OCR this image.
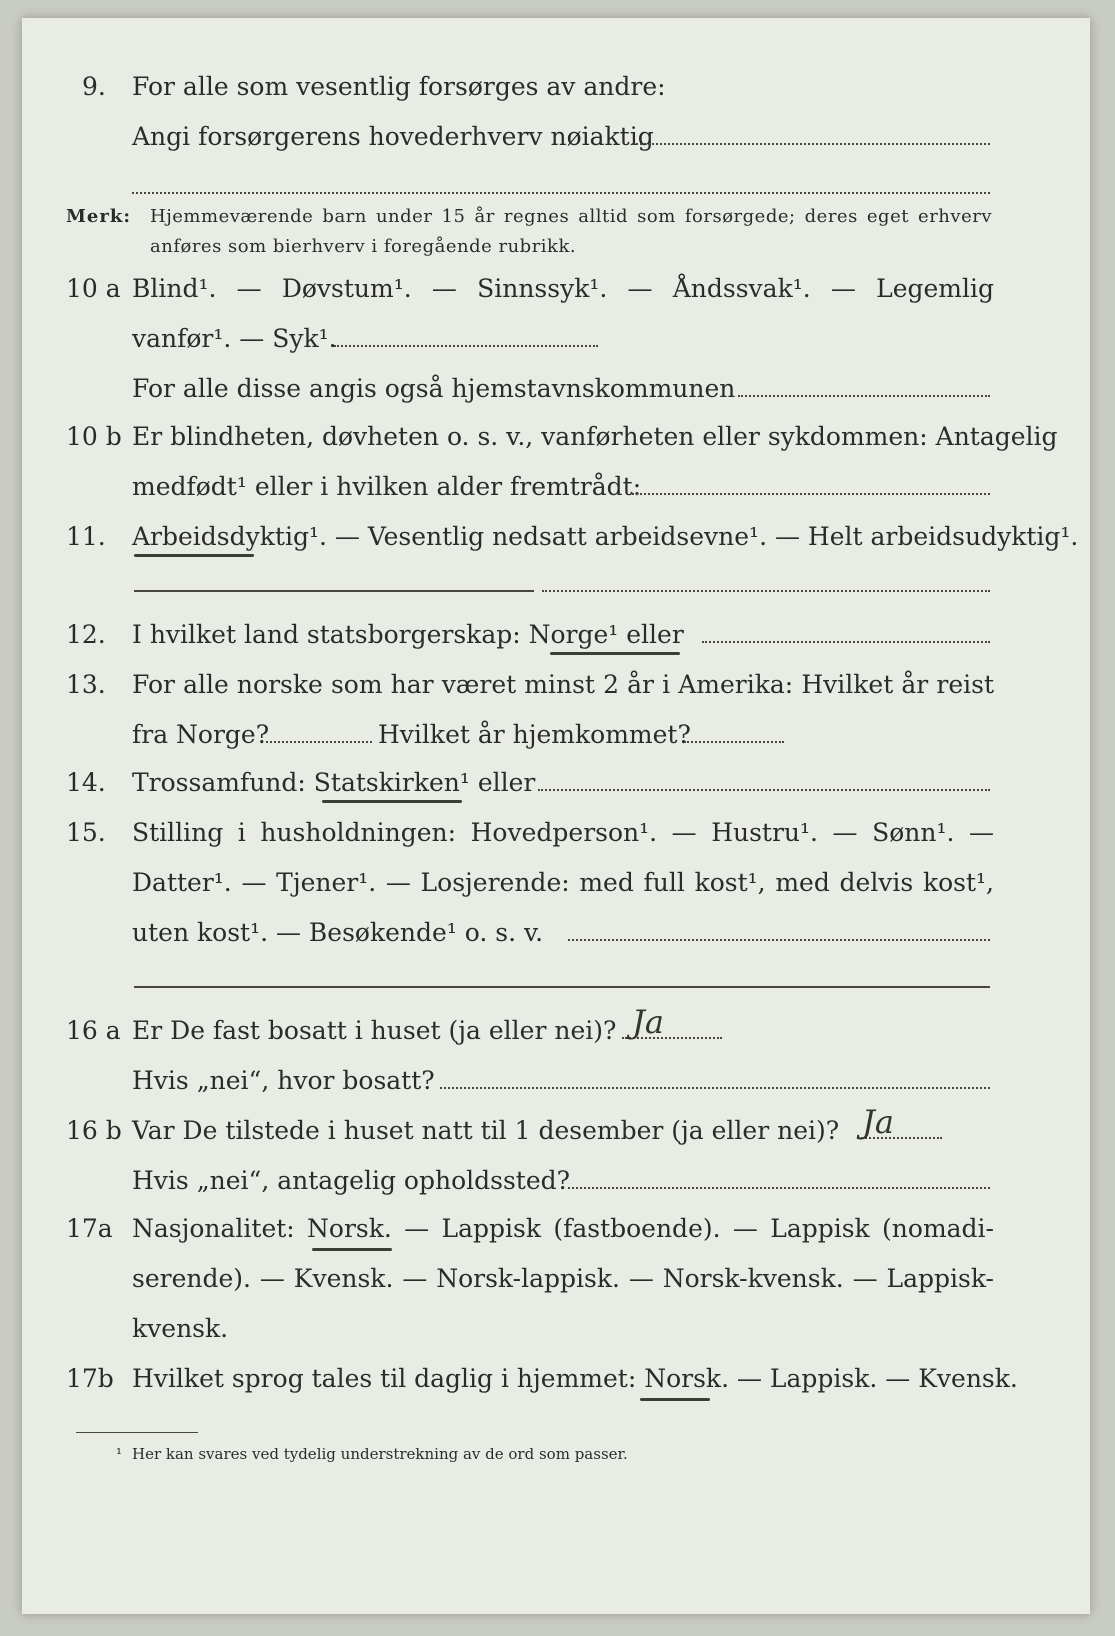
9. For alle som vesentlig forsørges av andre:
Angi forsørgerens hovederhverv nøiaktig
Merk: Hjemmeværende barn under 15 år regnes alltid som forsørgede; deres eget erhverv
anføres som bierhverv i foregående rubrikk.
10 a Blind¹. — Døvstum¹. — Sinnssyk¹. — Åndssvak¹. — Legemlig
vanfør¹. — Syk¹.
For alle disse angis også hjemstavnskommunen
10 b Er blindheten, døvheten o. s. v., vanførheten eller sykdommen: Antagelig
medfødt¹ eller i hvilken alder fremtrådt:
11. Arbeidsdyktig¹. — Vesentlig nedsatt arbeidsevne¹. — Helt arbeidsudyktig¹.
12. I hvilket land statsborgerskap: Norge¹ eller
13. For alle norske som har været minst 2 år i Amerika: Hvilket år reist
fra Norge?	Hvilket år hjemkommet?
14. Trossamfund: Statskirken¹ eller
15. Stilling i husholdningen: Hovedperson¹. — Hustru¹. — Sønn¹. —
Datter¹. — Tjener¹. — Losjerende: med full kost¹, med delvis kost¹,
uten kost¹. — Besøkende¹ o. s. v.
16 a Er De fast bosatt i huset (ja eller nei)? Ja
Hvis „nei“, hvor bosatt?
16 b Var De tilstede i huset natt til 1 desember (ja eller nei)? Ja
Hvis „nei“, antagelig opholdssted?
17a Nasjonalitet: Norsk. — Lappisk (fastboende). — Lappisk (nomadi-
serende). — Kvensk. — Norsk-lappisk. — Norsk-kvensk. — Lappisk-
kvensk.
17b Hvilket sprog tales til daglig i hjemmet: Norsk. — Lappisk. — Kvensk.
¹ Her kan svares ved tydelig understrekning av de ord som passer.
